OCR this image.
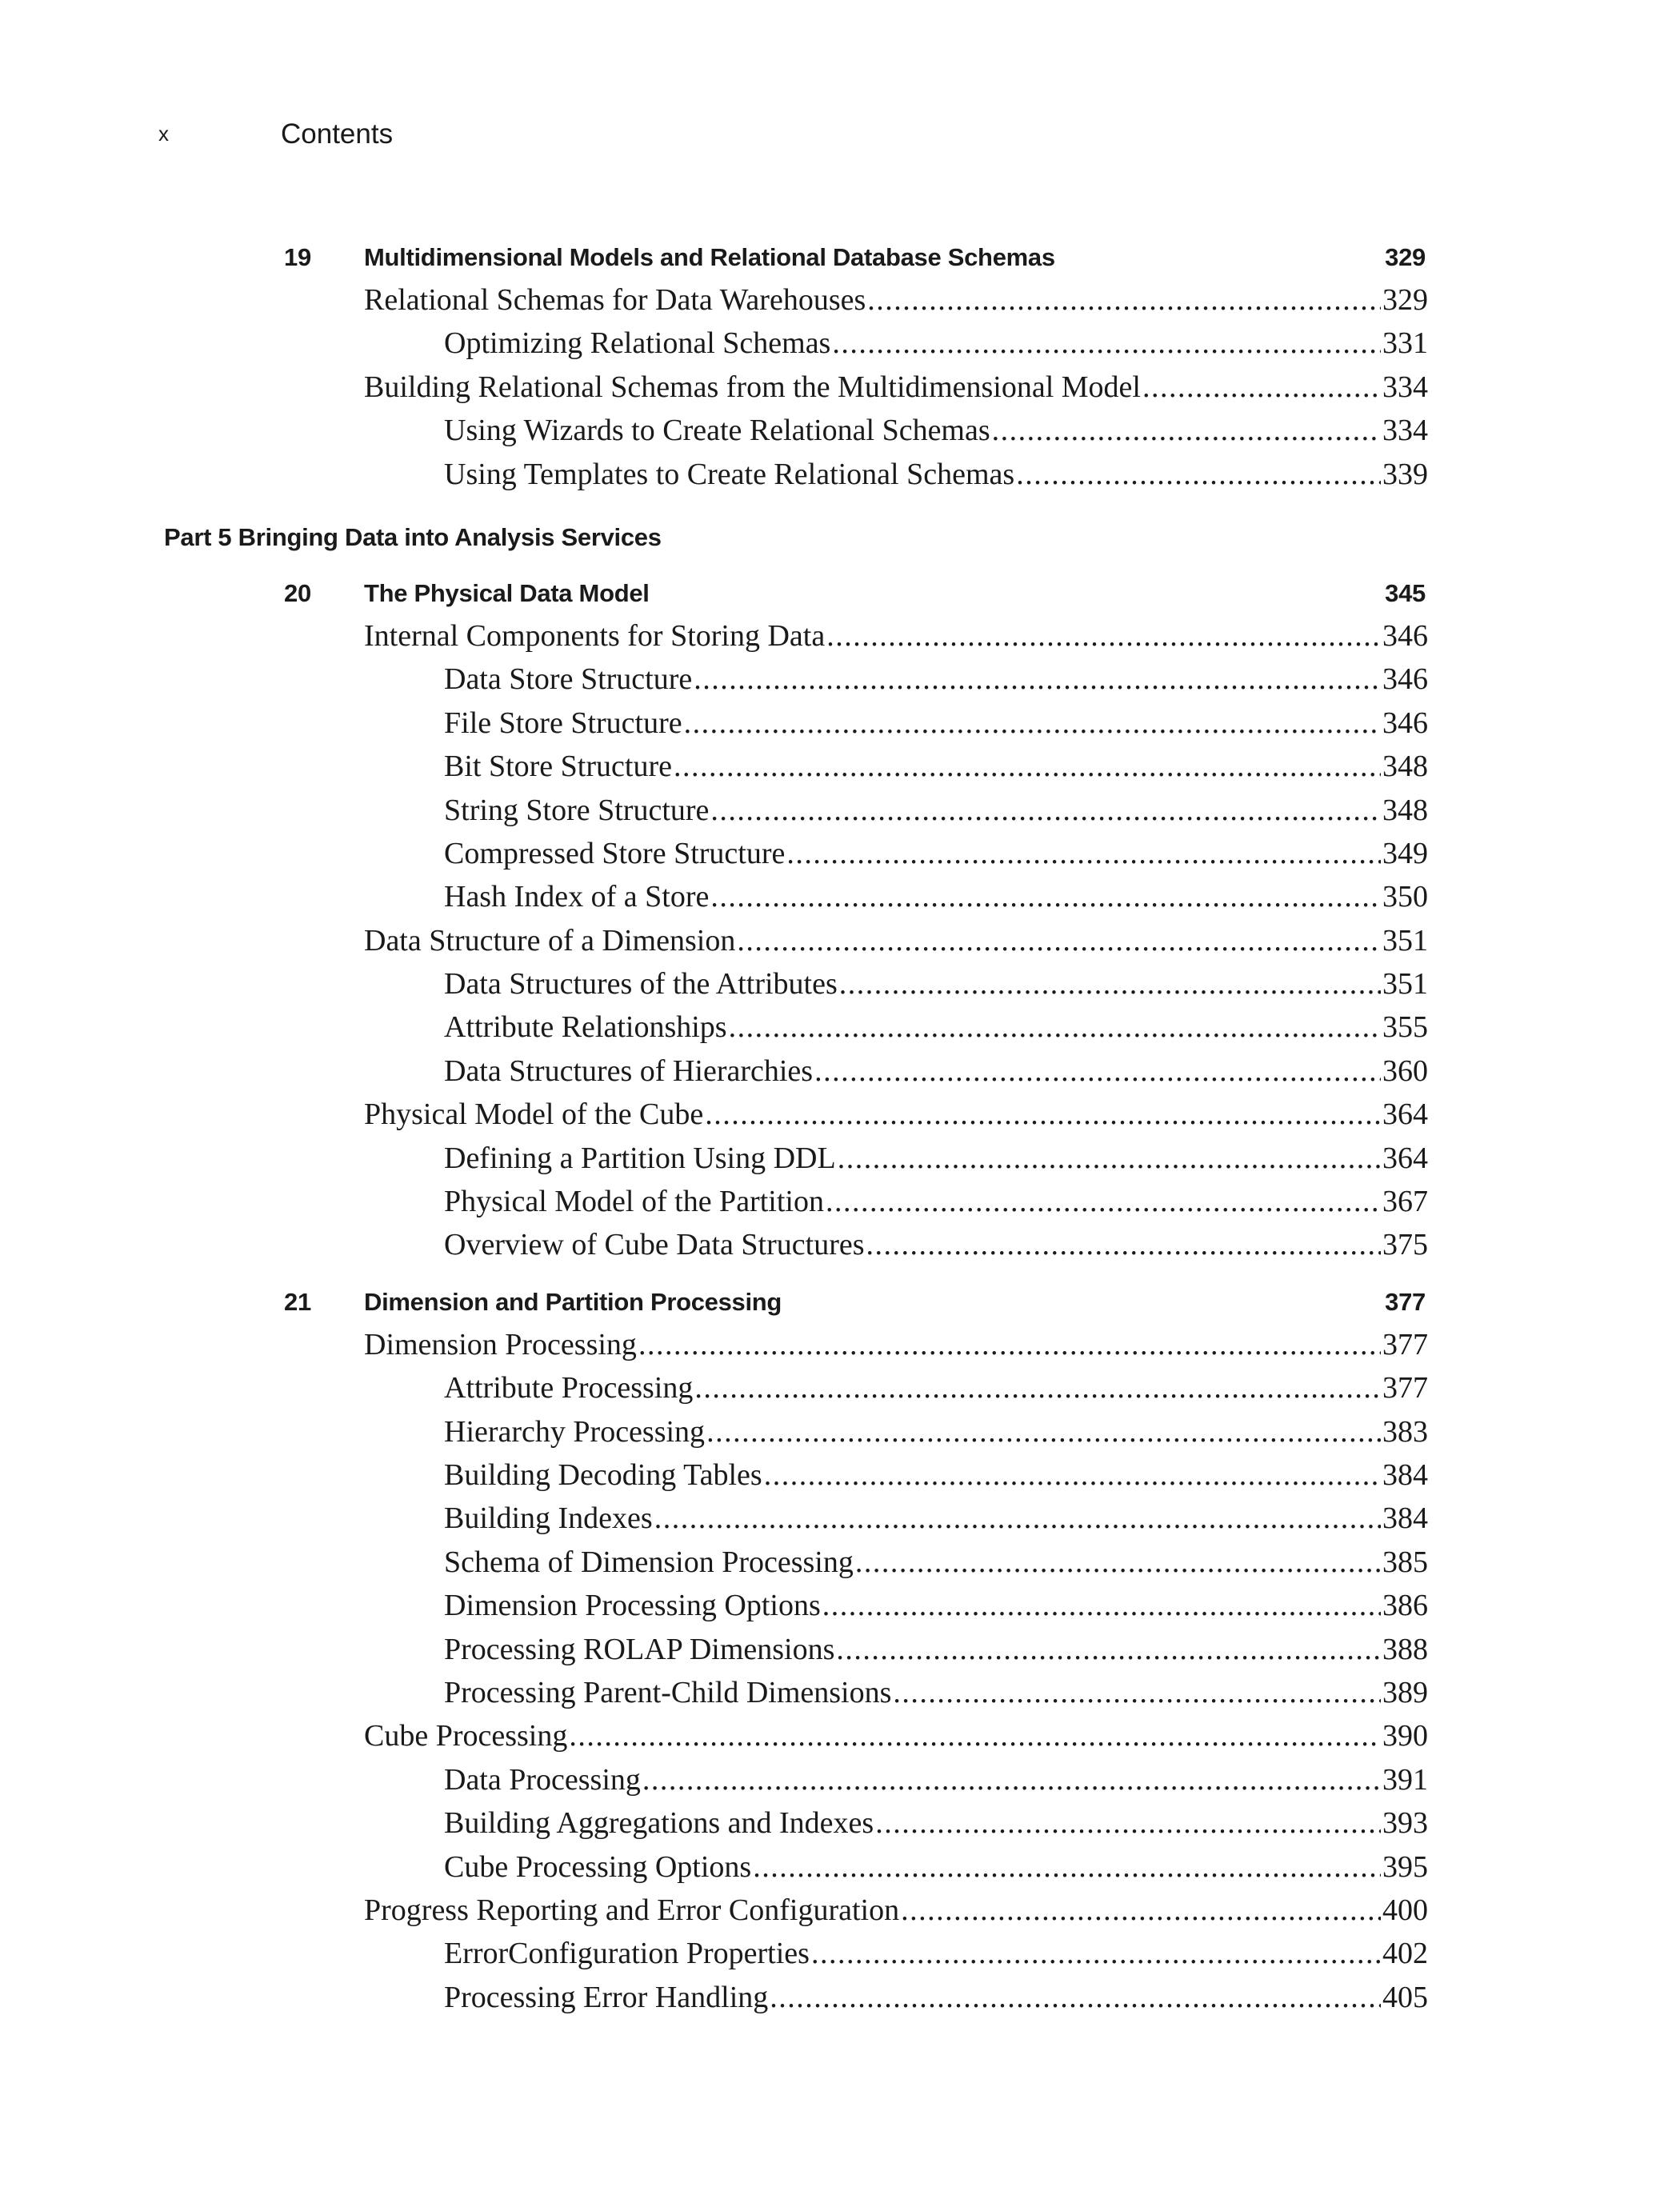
x	Contents
19 Multidimensional Models and Relational Database Schemas	329
Relational Schemas for Data Warehouses .....	329
Optimizing Relational Schemas .....	331
Building Relational Schemas from the Multidimensional Model .....	334
Using Wizards to Create Relational Schemas .....	334
Using Templates to Create Relational Schemas .....	339
Part 5 Bringing Data into Analysis Services
20 The Physical Data Model	345
Internal Components for Storing Data .....	346
Data Store Structure .....	346
File Store Structure .....	346
Bit Store Structure .....	348
String Store Structure .....	348
Compressed Store Structure .....	349
Hash Index of a Store .....	350
Data Structure of a Dimension .....	351
Data Structures of the Attributes .....	351
Attribute Relationships .....	355
Data Structures of Hierarchies .....	360
Physical Model of the Cube .....	364
Defining a Partition Using DDL .....	364
Physical Model of the Partition .....	367
Overview of Cube Data Structures .....	375
21 Dimension and Partition Processing	377
Dimension Processing .....	377
Attribute Processing .....	377
Hierarchy Processing .....	383
Building Decoding Tables .....	384
Building Indexes .....	384
Schema of Dimension Processing .....	385
Dimension Processing Options .....	386
Processing ROLAP Dimensions .....	388
Processing Parent-Child Dimensions .....	389
Cube Processing .....	390
Data Processing .....	391
Building Aggregations and Indexes .....	393
Cube Processing Options .....	395
Progress Reporting and Error Configuration .....	400
ErrorConfiguration Properties .....	402
Processing Error Handling .....	405
